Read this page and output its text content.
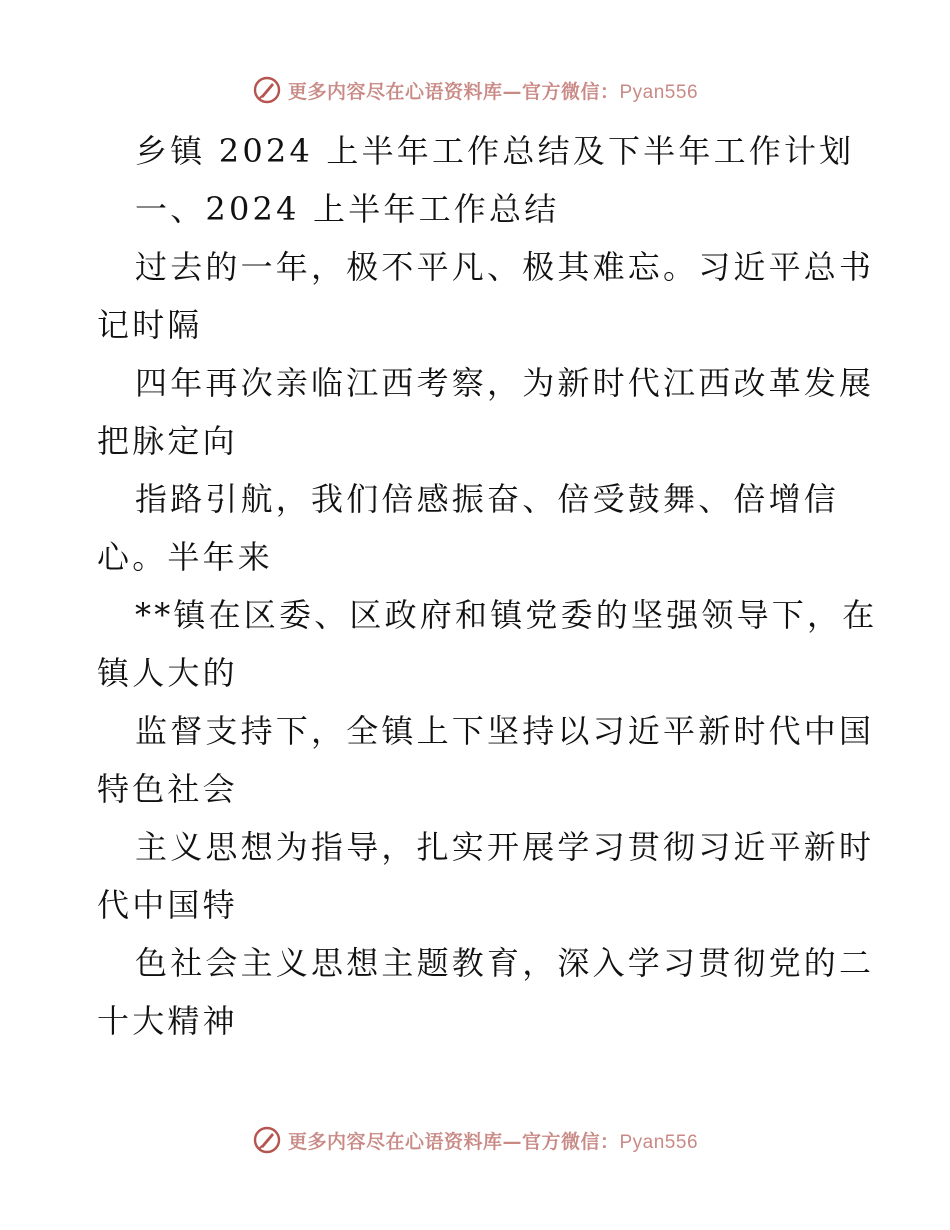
更多内容尽在心语资料库—官方微信：Pyan556
乡镇 2024 上半年工作总结及下半年工作计划
一、2024 上半年工作总结
过去的一年，极不平凡、极其难忘。习近平总书
记时隔
四年再次亲临江西考察，为新时代江西改革发展
把脉定向
指路引航，我们倍感振奋、倍受鼓舞、倍增信
心。半年来
**镇在区委、区政府和镇党委的坚强领导下，在
镇人大的
监督支持下，全镇上下坚持以习近平新时代中国
特色社会
主义思想为指导，扎实开展学习贯彻习近平新时
代中国特
色社会主义思想主题教育，深入学习贯彻党的二
十大精神
更多内容尽在心语资料库—官方微信：Pyan556
